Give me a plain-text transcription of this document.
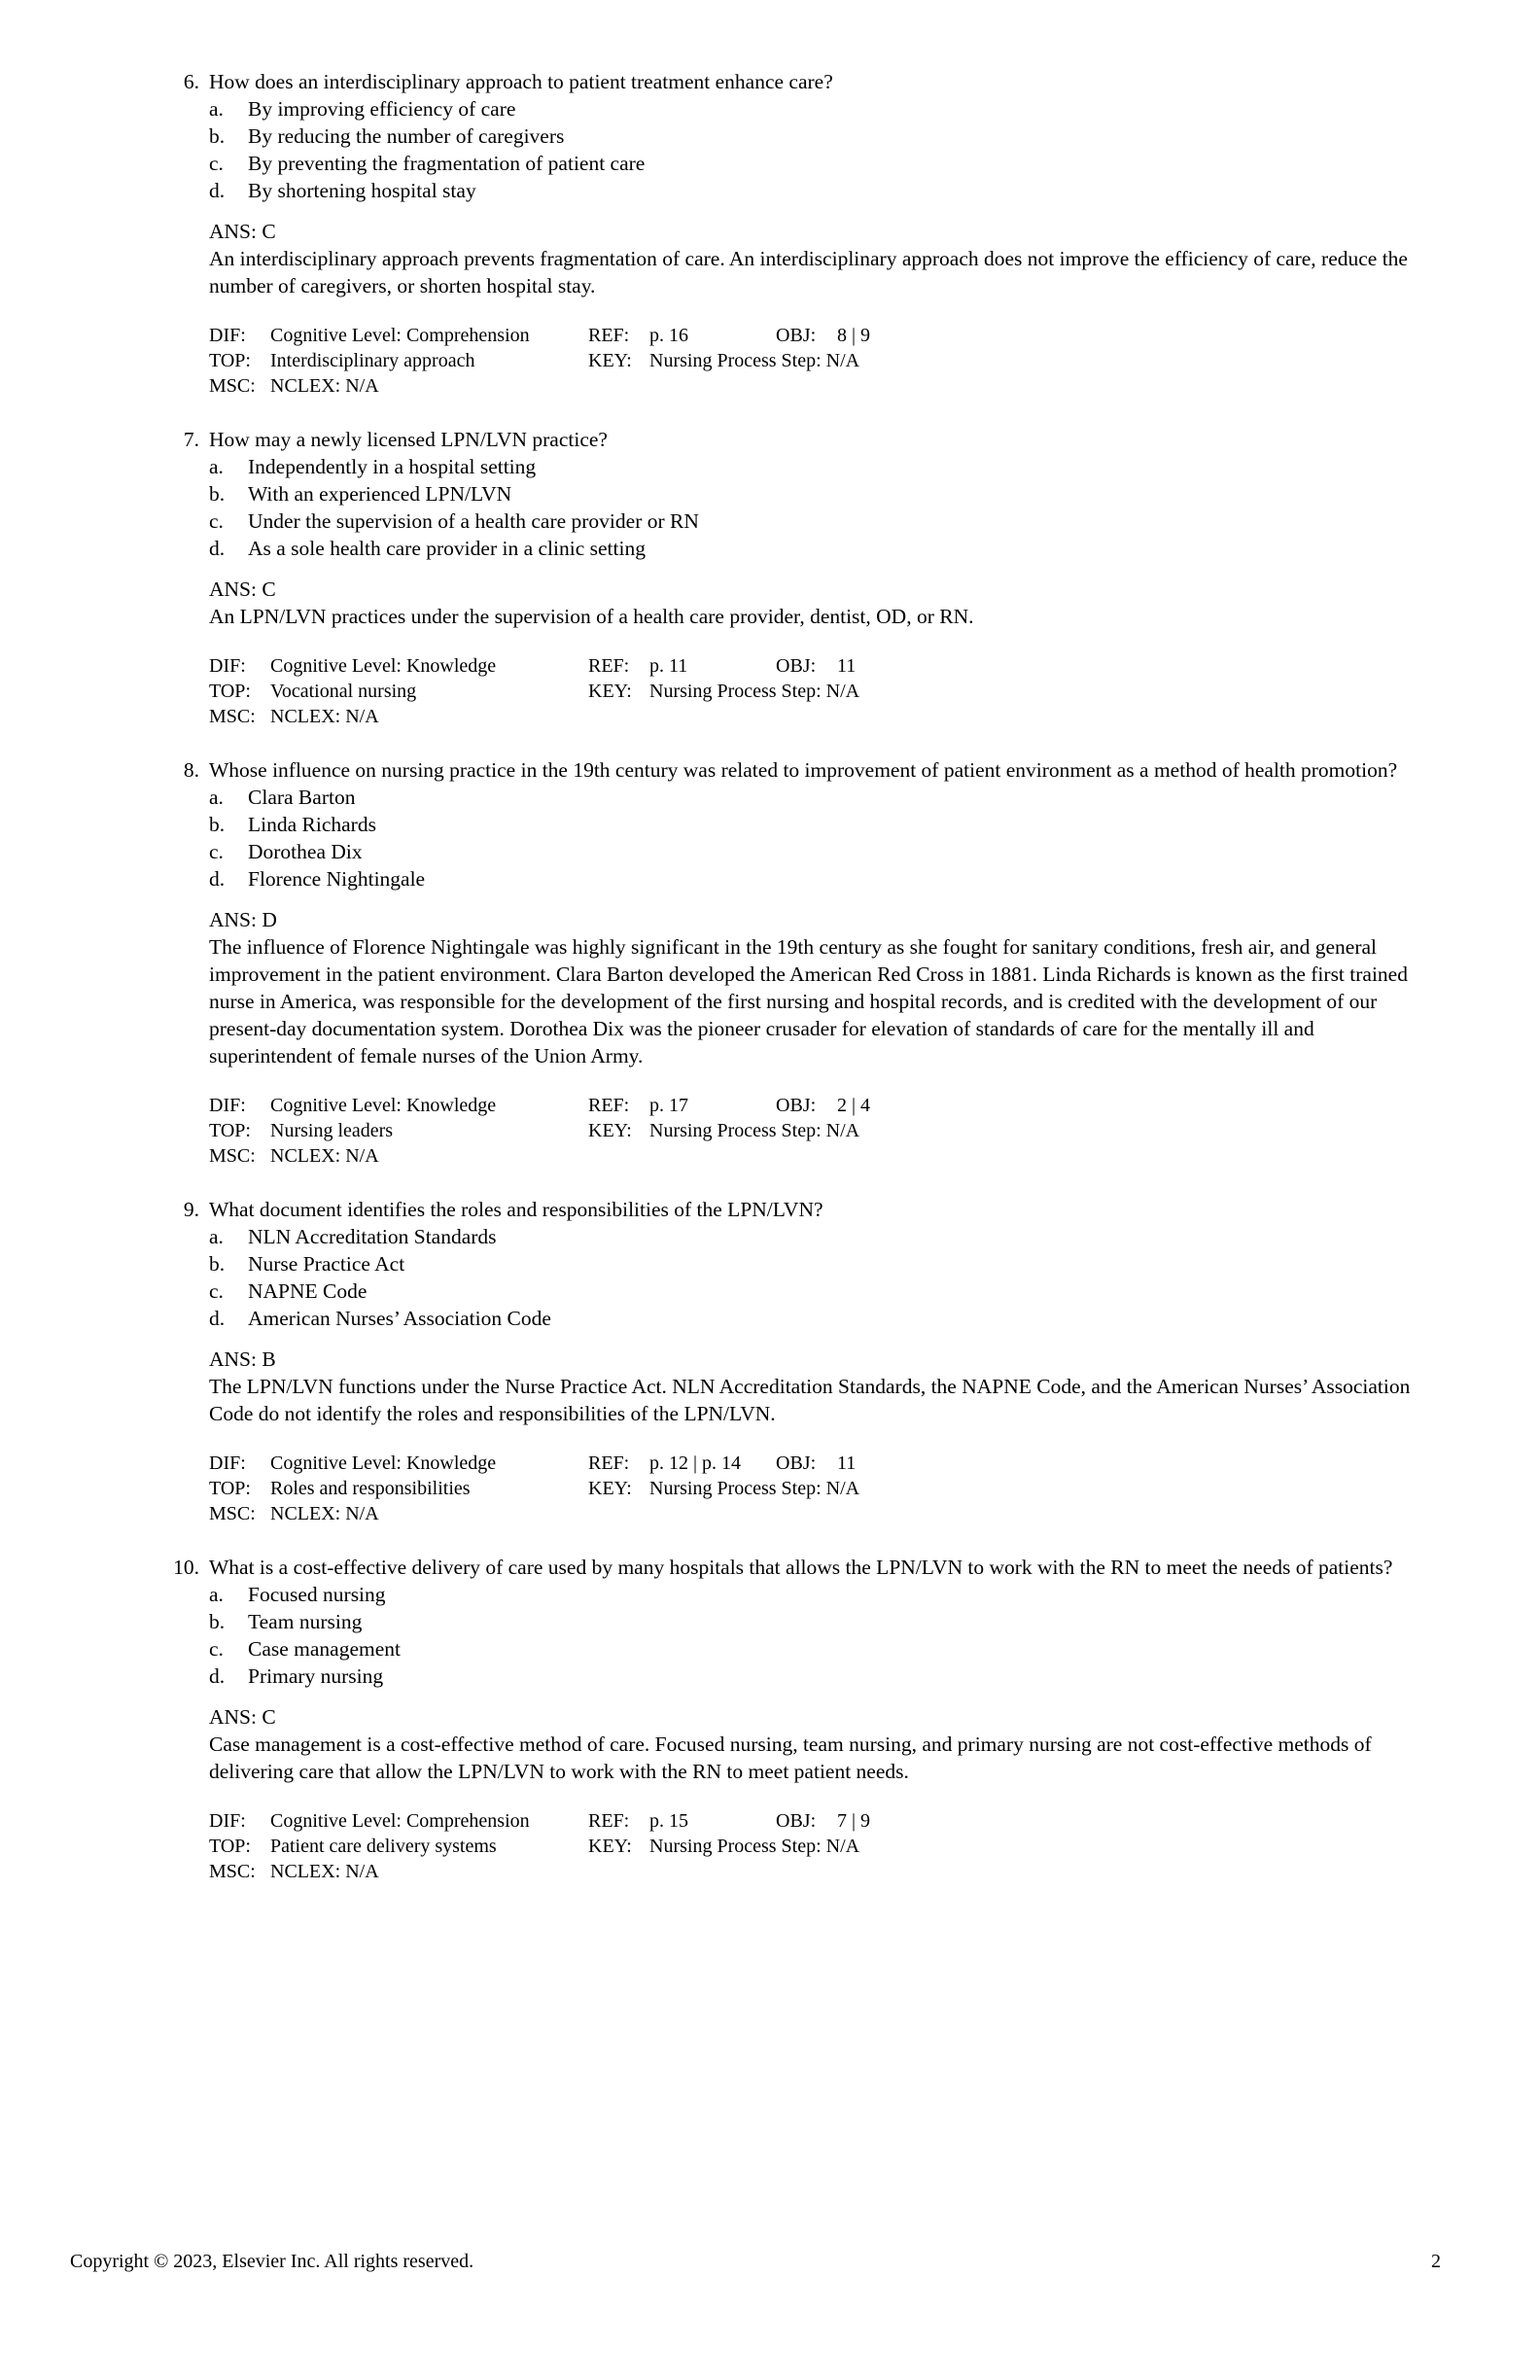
6. How does an interdisciplinary approach to patient treatment enhance care?
a.	By improving efficiency of care
b.	By reducing the number of caregivers
c.	By preventing the fragmentation of patient care
d.	By shortening hospital stay
ANS: C
An interdisciplinary approach prevents fragmentation of care. An interdisciplinary approach does not improve the efficiency of care, reduce the number of caregivers, or shorten hospital stay.
DIF:	Cognitive Level: Comprehension	REF:	p. 16	OBJ:	8 | 9
TOP:	Interdisciplinary approach	KEY: Nursing Process Step: N/A
MSC: NCLEX: N/A
7. How may a newly licensed LPN/LVN practice?
a.	Independently in a hospital setting
b.	With an experienced LPN/LVN
c.	Under the supervision of a health care provider or RN
d.	As a sole health care provider in a clinic setting
ANS: C
An LPN/LVN practices under the supervision of a health care provider, dentist, OD, or RN.
DIF:	Cognitive Level: Knowledge	REF:	p. 11	OBJ:	11
TOP:	Vocational nursing	KEY: Nursing Process Step: N/A
MSC: NCLEX: N/A
8. Whose influence on nursing practice in the 19th century was related to improvement of patient environment as a method of health promotion?
a.	Clara Barton
b.	Linda Richards
c.	Dorothea Dix
d.	Florence Nightingale
ANS: D
The influence of Florence Nightingale was highly significant in the 19th century as she fought for sanitary conditions, fresh air, and general improvement in the patient environment. Clara Barton developed the American Red Cross in 1881. Linda Richards is known as the first trained nurse in America, was responsible for the development of the first nursing and hospital records, and is credited with the development of our present-day documentation system. Dorothea Dix was the pioneer crusader for elevation of standards of care for the mentally ill and superintendent of female nurses of the Union Army.
DIF:	Cognitive Level: Knowledge	REF:	p. 17	OBJ:	2 | 4
TOP:	Nursing leaders	KEY: Nursing Process Step: N/A
MSC: NCLEX: N/A
9. What document identifies the roles and responsibilities of the LPN/LVN?
a.	NLN Accreditation Standards
b.	Nurse Practice Act
c.	NAPNE Code
d.	American Nurses’ Association Code
ANS: B
The LPN/LVN functions under the Nurse Practice Act. NLN Accreditation Standards, the NAPNE Code, and the American Nurses’ Association Code do not identify the roles and responsibilities of the LPN/LVN.
DIF:	Cognitive Level: Knowledge	REF:	p. 12 | p. 14	OBJ:	11
TOP:	Roles and responsibilities	KEY: Nursing Process Step: N/A
MSC: NCLEX: N/A
10. What is a cost-effective delivery of care used by many hospitals that allows the LPN/LVN to work with the RN to meet the needs of patients?
a.	Focused nursing
b.	Team nursing
c.	Case management
d.	Primary nursing
ANS: C
Case management is a cost-effective method of care. Focused nursing, team nursing, and primary nursing are not cost-effective methods of delivering care that allow the LPN/LVN to work with the RN to meet patient needs.
DIF:	Cognitive Level: Comprehension	REF:	p. 15	OBJ:	7 | 9
TOP:	Patient care delivery systems	KEY: Nursing Process Step: N/A
MSC: NCLEX: N/A
Copyright © 2023, Elsevier Inc. All rights reserved.	2
